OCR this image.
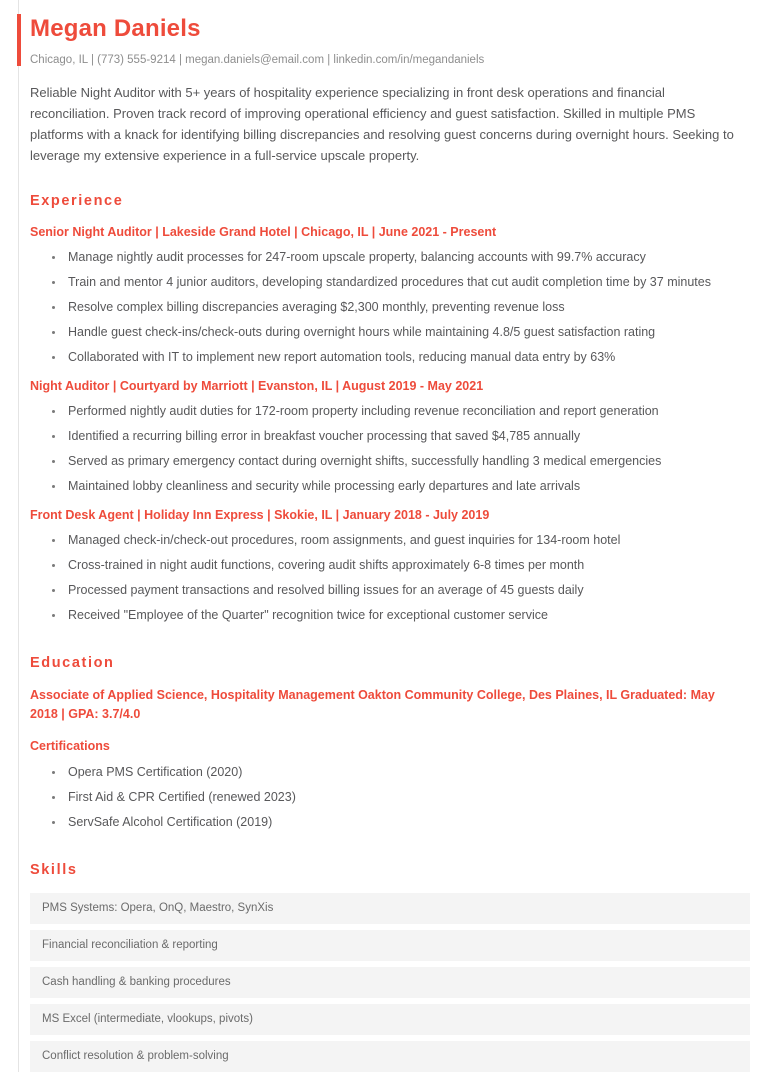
Megan Daniels
Chicago, IL | (773) 555-9214 | megan.daniels@email.com | linkedin.com/in/megandaniels

Reliable Night Auditor with 5+ years of hospitality experience specializing in front desk operations and financial reconciliation. Proven track record of improving operational efficiency and guest satisfaction. Skilled in multiple PMS platforms with a knack for identifying billing discrepancies and resolving guest concerns during overnight hours. Seeking to leverage my extensive experience in a full-service upscale property.

Experience
Senior Night Auditor | Lakeside Grand Hotel | Chicago, IL | June 2021 - Present
Manage nightly audit processes for 247-room upscale property, balancing accounts with 99.7% accuracy
Train and mentor 4 junior auditors, developing standardized procedures that cut audit completion time by 37 minutes
Resolve complex billing discrepancies averaging $2,300 monthly, preventing revenue loss
Handle guest check-ins/check-outs during overnight hours while maintaining 4.8/5 guest satisfaction rating
Collaborated with IT to implement new report automation tools, reducing manual data entry by 63%
Night Auditor | Courtyard by Marriott | Evanston, IL | August 2019 - May 2021
Performed nightly audit duties for 172-room property including revenue reconciliation and report generation
Identified a recurring billing error in breakfast voucher processing that saved $4,785 annually
Served as primary emergency contact during overnight shifts, successfully handling 3 medical emergencies
Maintained lobby cleanliness and security while processing early departures and late arrivals
Front Desk Agent | Holiday Inn Express | Skokie, IL | January 2018 - July 2019
Managed check-in/check-out procedures, room assignments, and guest inquiries for 134-room hotel
Cross-trained in night audit functions, covering audit shifts approximately 6-8 times per month
Processed payment transactions and resolved billing issues for an average of 45 guests daily
Received "Employee of the Quarter" recognition twice for exceptional customer service
Education

Associate of Applied Science, Hospitality Management Oakton Community College, Des Plaines, IL Graduated: May 2018 | GPA: 3.7/4.0

Certifications
Opera PMS Certification (2020)
First Aid & CPR Certified (renewed 2023)
ServSafe Alcohol Certification (2019)
Skills
PMS Systems: Opera, OnQ, Maestro, SynXis
Financial reconciliation & reporting
Cash handling & banking procedures
MS Excel (intermediate, vlookups, pivots)
Conflict resolution & problem-solving
